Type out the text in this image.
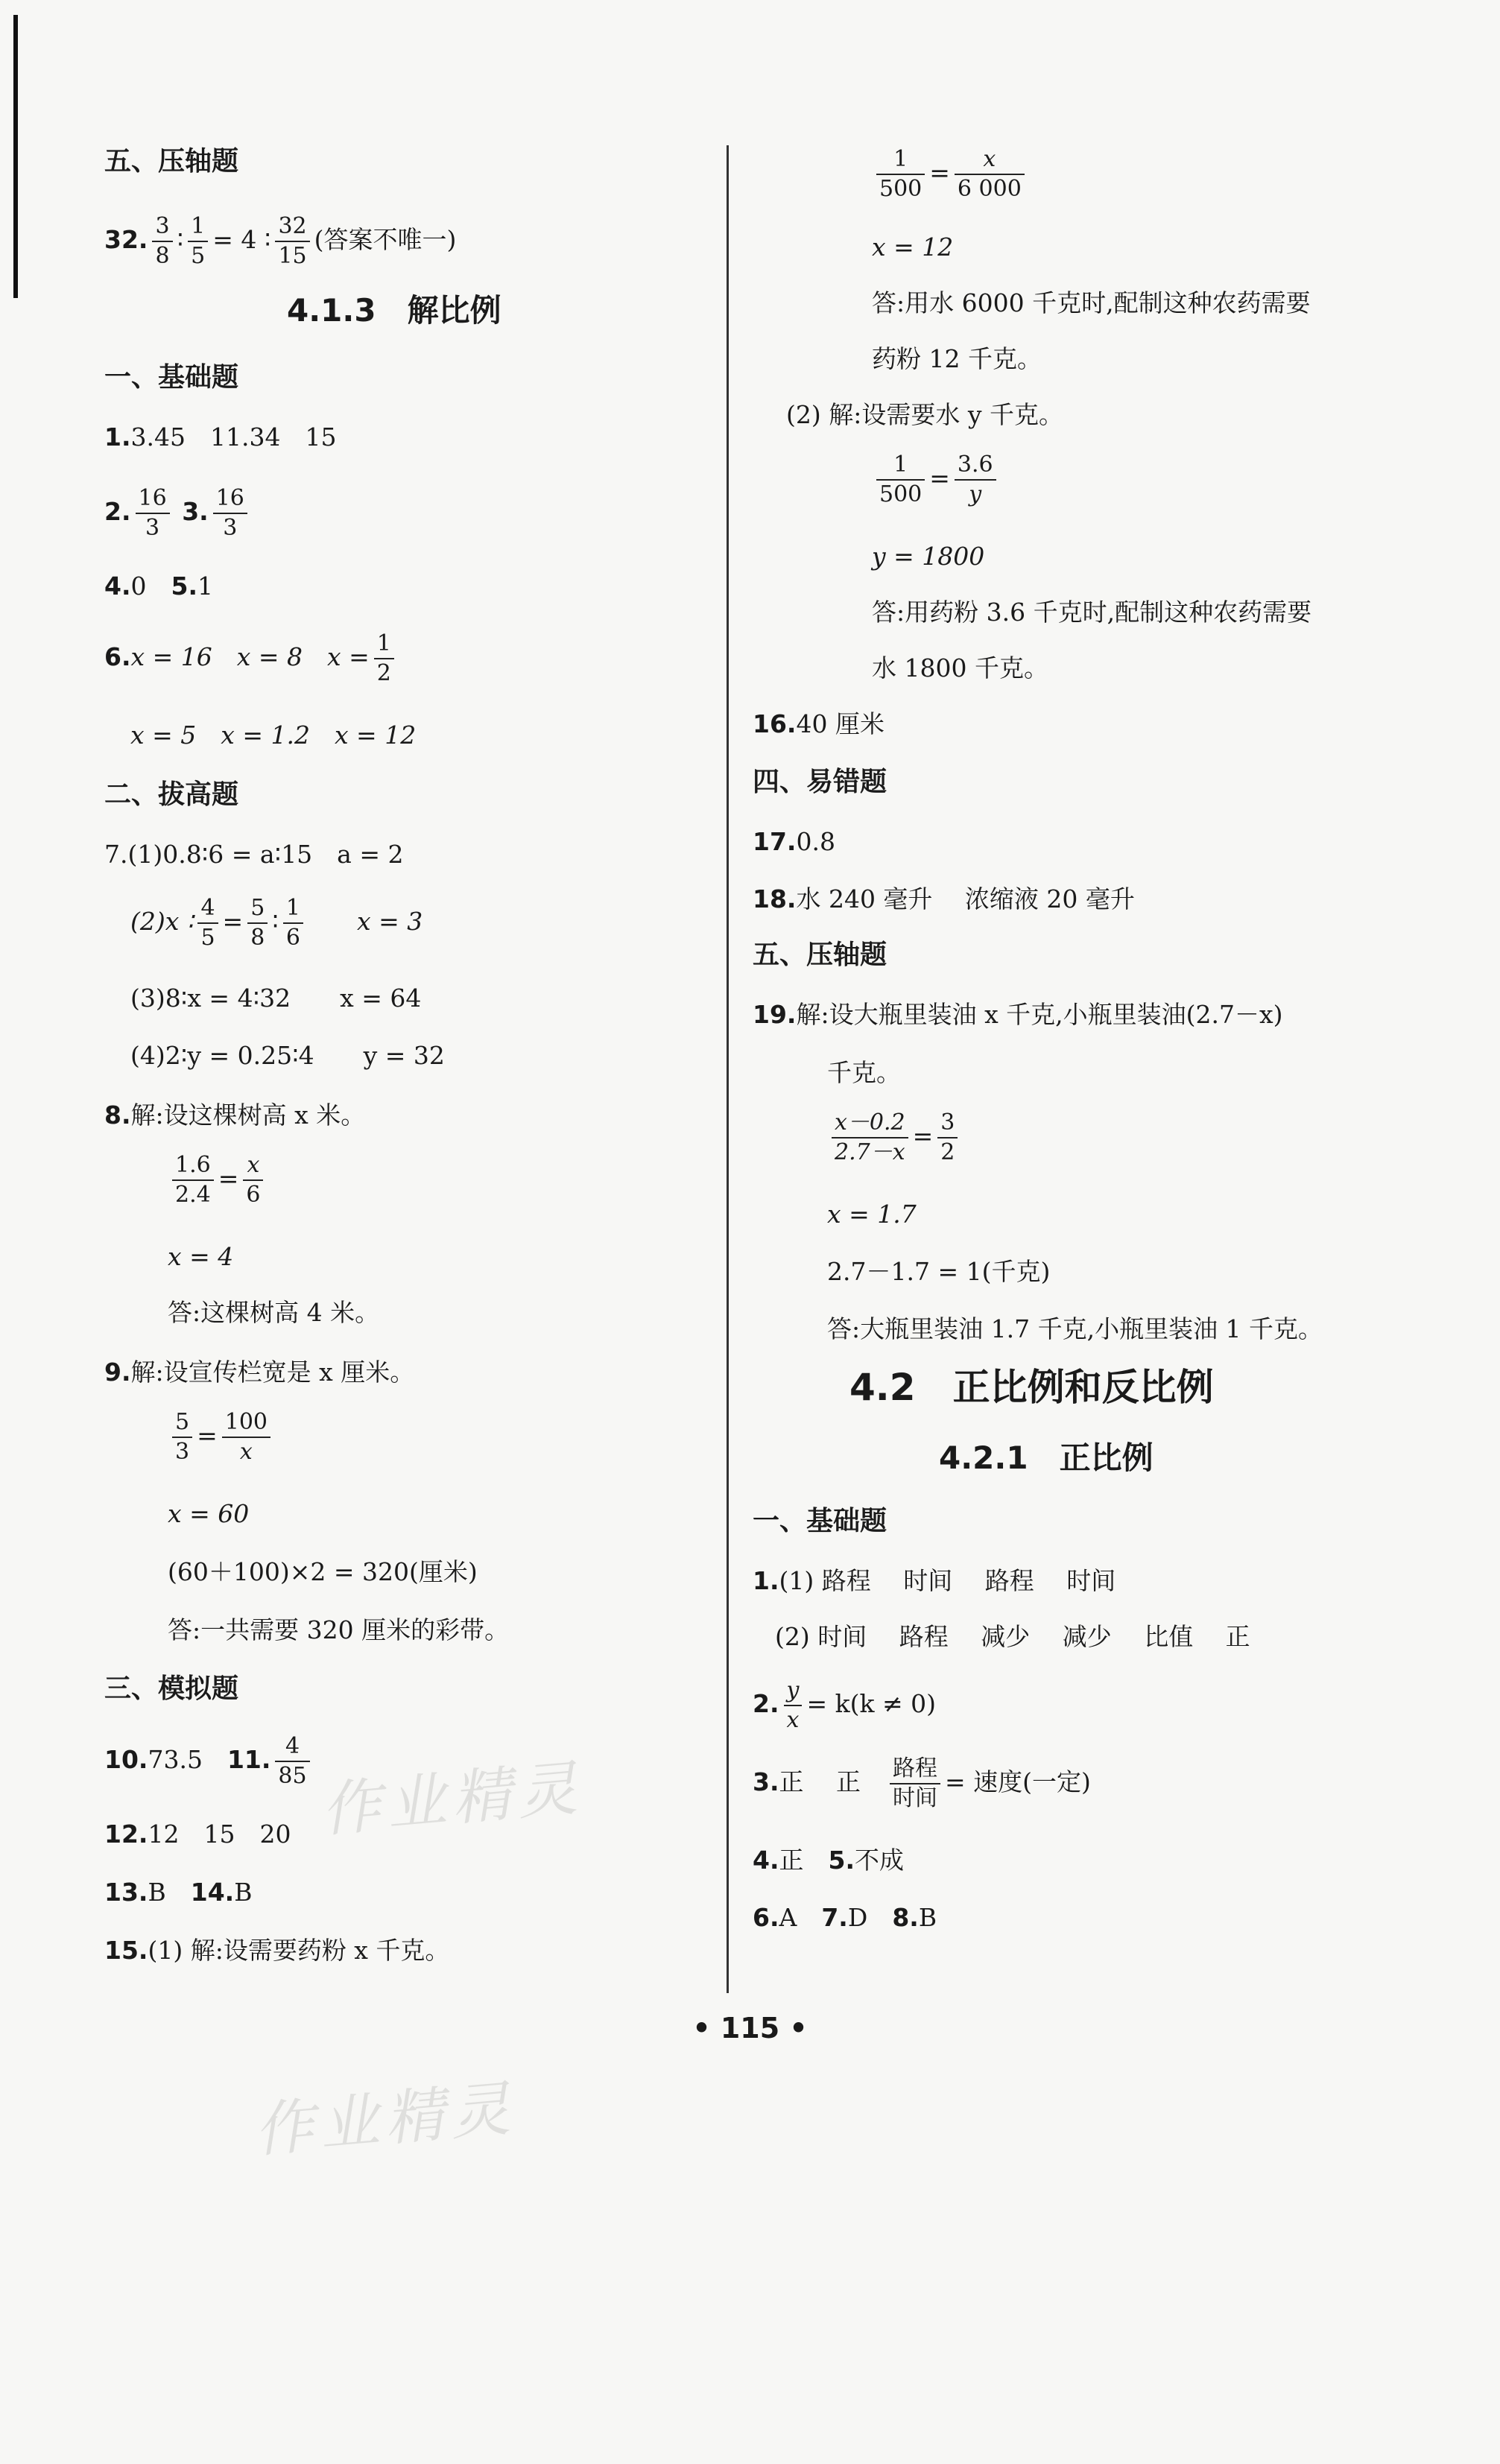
五、压轴题
32. $\frac{3}{8}$ ∶ $\frac{1}{5} = 4$ ∶ $\frac{32}{15}$ (答案不唯一)
4.1.3　解比例
一、基础题
1.3.45　11.34　15
2. $\frac{16}{3} 3$. $\frac{16}{3}$
4.0　 5.1
6.x = 16　x = 8　$x = \frac{1}{2}$
x = 5　x = 1.2　x = 12
二、拔高题
7.(1)0.8∶6 = a∶15　a = 2
(2)x ∶ $\frac{4}{5} = \frac{5}{8}$ ∶ $\frac{1}{6}$
　　 x = 3
(3)8∶x = 4∶32　　x = 64
(4)2∶y = 0.25∶4　　y = 32
8.解:设这棵树高 x 米。
$\frac{1.6}{2.4} = \frac{x}{6}$
x = 4
答:这棵树高 4 米。
9.解:设宣传栏宽是 x 厘米。
$\frac{5}{3} = \frac{100}{x}$
x = 60
(60＋100)×2 = 320(厘米)
答:一共需要 320 厘米的彩带。
三、模拟题
10.73.5　 11. $\frac{4}{85}$
12.12　15　20
13.B　 14.B
15.(1) 解:设需要药粉 x 千克。
$\frac{1}{500} = \frac{x}{6 000}$
x = 12
答:用水 6000 千克时,配制这种农药需要
药粉 12 千克。
(2) 解:设需要水 y 千克。
$\frac{1}{500} = \frac{3.6}{y}$
y = 1800
答:用药粉 3.6 千克时,配制这种农药需要
水 1800 千克。
16.40 厘米
四、易错题
17.0.8
18.水 240 毫升　 浓缩液 20 毫升
五、压轴题
19.解:设大瓶里装油 x 千克,小瓶里装油(2.7－x)
千克。
$\frac{x-0.2}{2.7-x} = \frac{3}{2}$
x = 1.7
2.7－1.7 = 1(千克)
答:大瓶里装油 1.7 千克,小瓶里装油 1 千克。
4.2　正比例和反比例
4.2.1　正比例
一、基础题
1.(1) 路程　 时间　 路程　 时间
(2) 时间　 路程　 减少　 减少　 比值　 正
2. $\frac{y}{x} = k(k \ne 0)$
3.正　 正　 $\frac{\text{路程}}{\text{时间}}$ = 速度(一定)
4.正　 5.不成
6.A　 7.D　 8.B
• 115 •
作业精灵
作业精灵
